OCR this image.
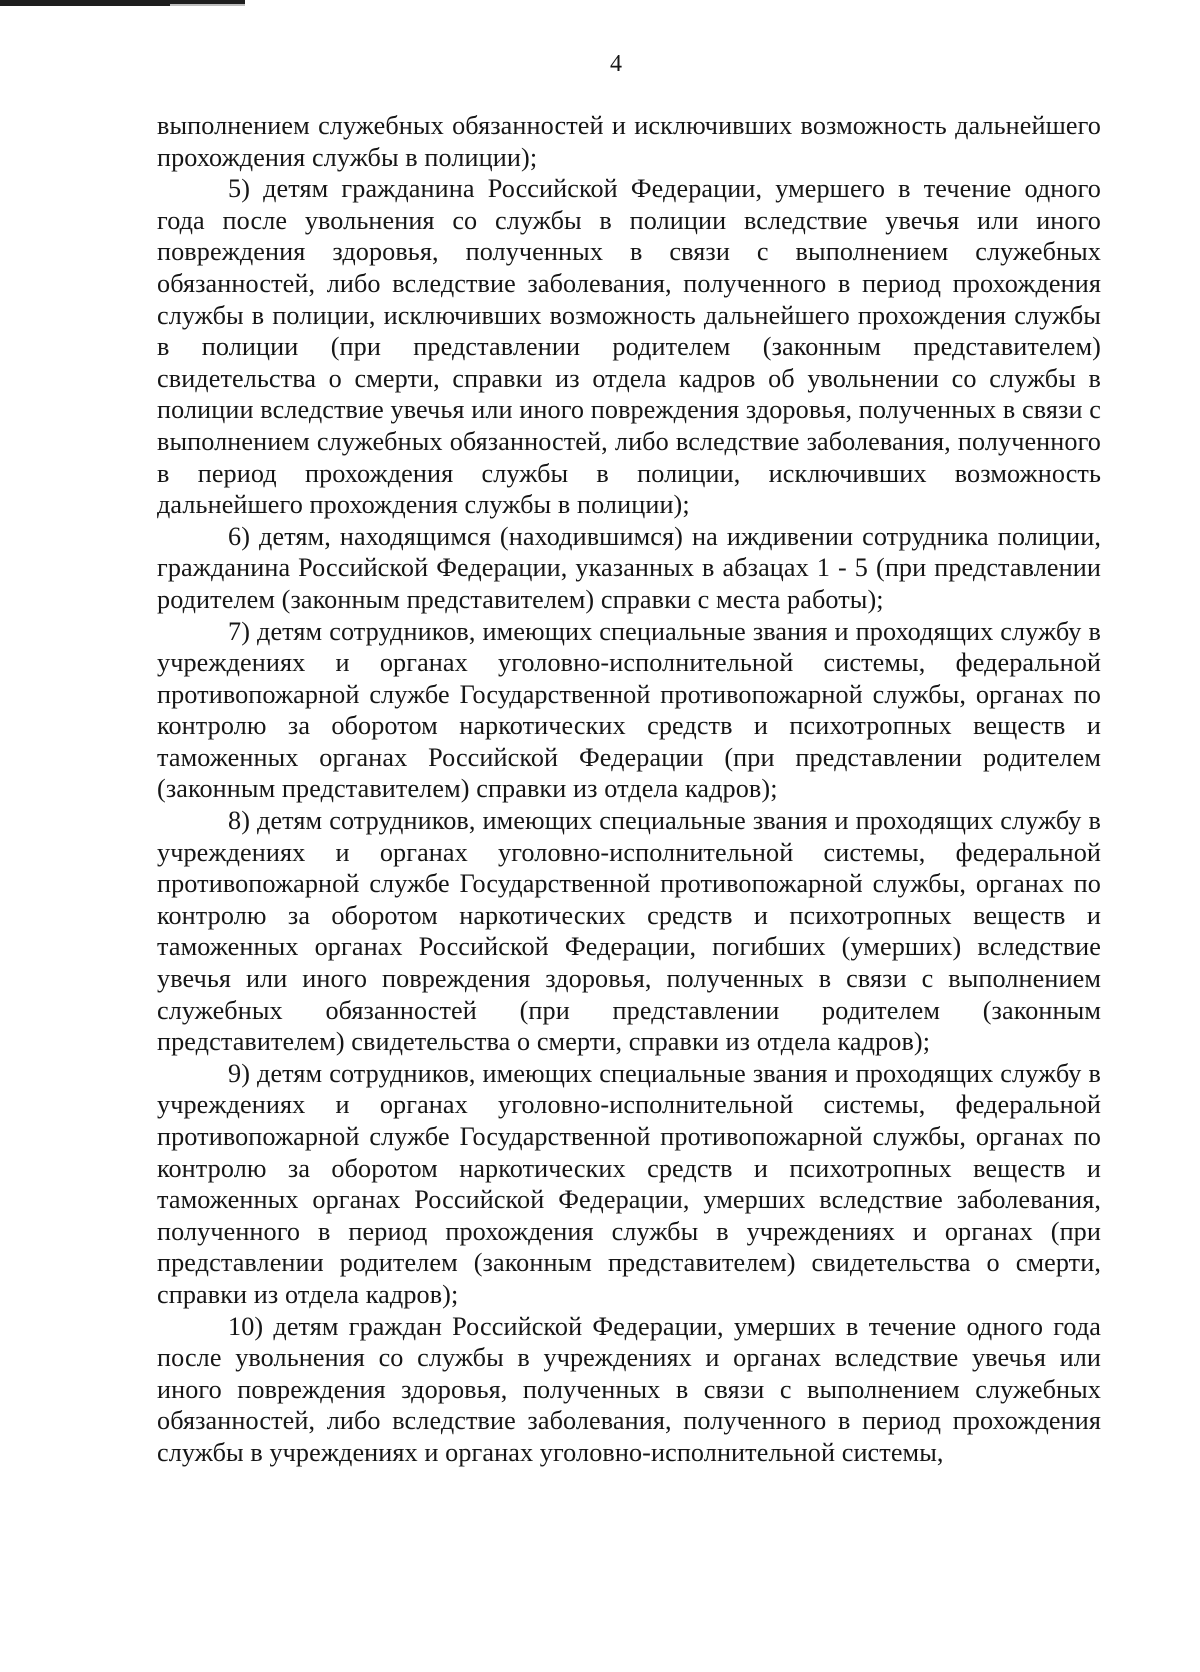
4

выполнением служебных обязанностей и исключивших возможность дальнейшего прохождения службы в полиции);

5) детям гражданина Российской Федерации, умершего в течение одного года после увольнения со службы в полиции вследствие увечья или иного повреждения здоровья, полученных в связи с выполнением служебных обязанностей, либо вследствие заболевания, полученного в период прохождения службы в полиции, исключивших возможность дальнейшего прохождения службы в полиции (при представлении родителем (законным представителем) свидетельства о смерти, справки из отдела кадров об увольнении со службы в полиции вследствие увечья или иного повреждения здоровья, полученных в связи с выполнением служебных обязанностей, либо вследствие заболевания, полученного в период прохождения службы в полиции, исключивших возможность дальнейшего прохождения службы в полиции);

6) детям, находящимся (находившимся) на иждивении сотрудника полиции, гражданина Российской Федерации, указанных в абзацах 1 - 5 (при представлении родителем (законным представителем) справки с места работы);

7) детям сотрудников, имеющих специальные звания и проходящих службу в учреждениях и органах уголовно-исполнительной системы, федеральной противопожарной службе Государственной противопожарной службы, органах по контролю за оборотом наркотических средств и психотропных веществ и таможенных органах Российской Федерации (при представлении родителем (законным представителем) справки из отдела кадров);

8) детям сотрудников, имеющих специальные звания и проходящих службу в учреждениях и органах уголовно-исполнительной системы, федеральной противопожарной службе Государственной противопожарной службы, органах по контролю за оборотом наркотических средств и психотропных веществ и таможенных органах Российской Федерации, погибших (умерших) вследствие увечья или иного повреждения здоровья, полученных в связи с выполнением служебных обязанностей (при представлении родителем (законным представителем) свидетельства о смерти, справки из отдела кадров);

9) детям сотрудников, имеющих специальные звания и проходящих службу в учреждениях и органах уголовно-исполнительной системы, федеральной противопожарной службе Государственной противопожарной службы, органах по контролю за оборотом наркотических средств и психотропных веществ и таможенных органах Российской Федерации, умерших вследствие заболевания, полученного в период прохождения службы в учреждениях и органах (при представлении родителем (законным представителем) свидетельства о смерти, справки из отдела кадров);

10) детям граждан Российской Федерации, умерших в течение одного года после увольнения со службы в учреждениях и органах вследствие увечья или иного повреждения здоровья, полученных в связи с выполнением служебных обязанностей, либо вследствие заболевания, полученного в период прохождения службы в учреждениях и органах уголовно-исполнительной системы,
